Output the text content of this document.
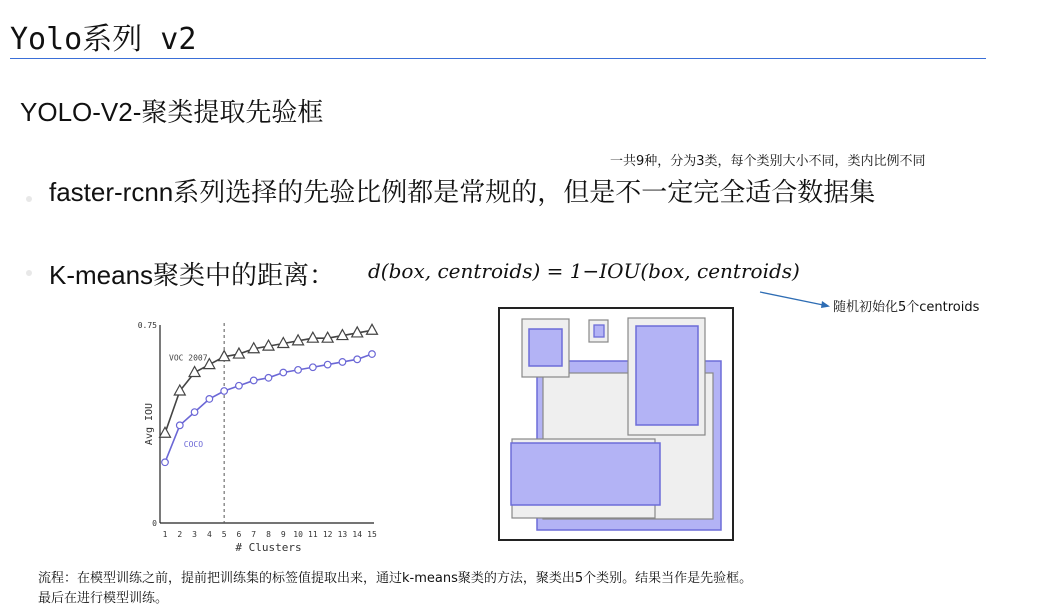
Yolo系列 v2
YOLO-V2-聚类提取先验框
一共9种，分为3类，每个类别大小不同，类内比例不同
faster-rcnn系列选择的先验比例都是常规的，但是不一定完全适合数据集
K-means聚类中的距离： d(box, centroids) = 1−IOU(box, centroids)
随机初始化5个centroids
0
0.75
1 2 3 4 5 6 7 8 9 10 11 12 13 14 15
# Clusters
Avg IOU
VOC 2007
COCO
流程：在模型训练之前，提前把训练集的标签值提取出来，通过k-means聚类的方法，聚类出5个类别。结果当作是先验框。
最后在进行模型训练。
